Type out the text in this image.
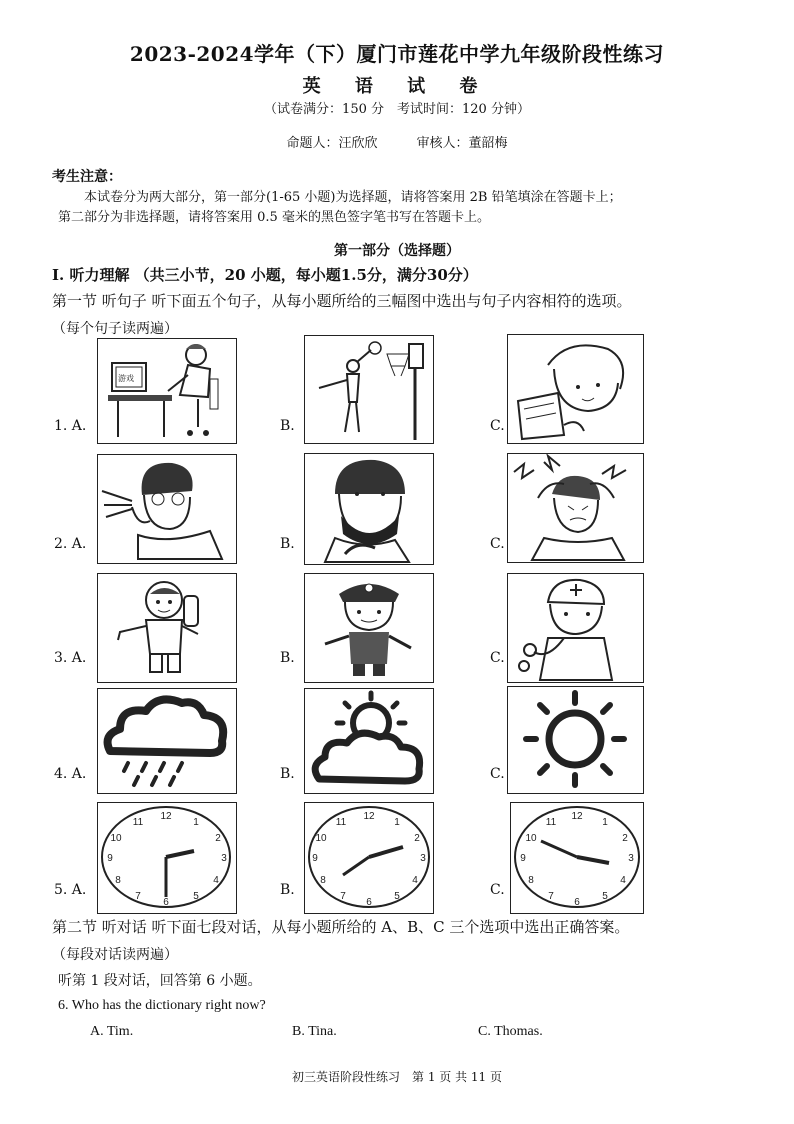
2023-2024学年（下）厦门市莲花中学九年级阶段性练习
英 语 试 卷
（试卷满分：150 分　考试时间：120 分钟）
命题人：汪欣欣　　　审核人：董韶梅
考生注意：
本试卷分为两大部分，第一部分(1-65 小题)为选择题，请将答案用 2B 铅笔填涂在答题卡上；
第二部分为非选择题，请将答案用 0.5 毫米的黑色签字笔书写在答题卡上。
第一部分（选择题）
I. 听力理解 （共三小节，20 小题，每小题1.5分，满分30分）
第一节 听句子 听下面五个句子，从每小题所给的三幅图中选出与句子内容相符的选项。
（每个句子读两遍）
1. A.
游戏
B.	C.
2. A.	B.	C.
3. A.	B.	C.
4. A.	B.	C.
5. A.
12
1
2
3
4
5
6
7
8
9
10
11
B.
12
1
2
3
4
5
6
7
8
9
10
11
C.
12
1
2
3
4
5
6
7
8
9
10
11
第二节 听对话 听下面七段对话，从每小题所给的 A、B、C 三个选项中选出正确答案。
（每段对话读两遍）
听第 1 段对话，回答第 6 小题。
6. Who has the dictionary right now?
A. Tim.	B. Tina.	C. Thomas.
初三英语阶段性练习　第 1 页 共 11 页
